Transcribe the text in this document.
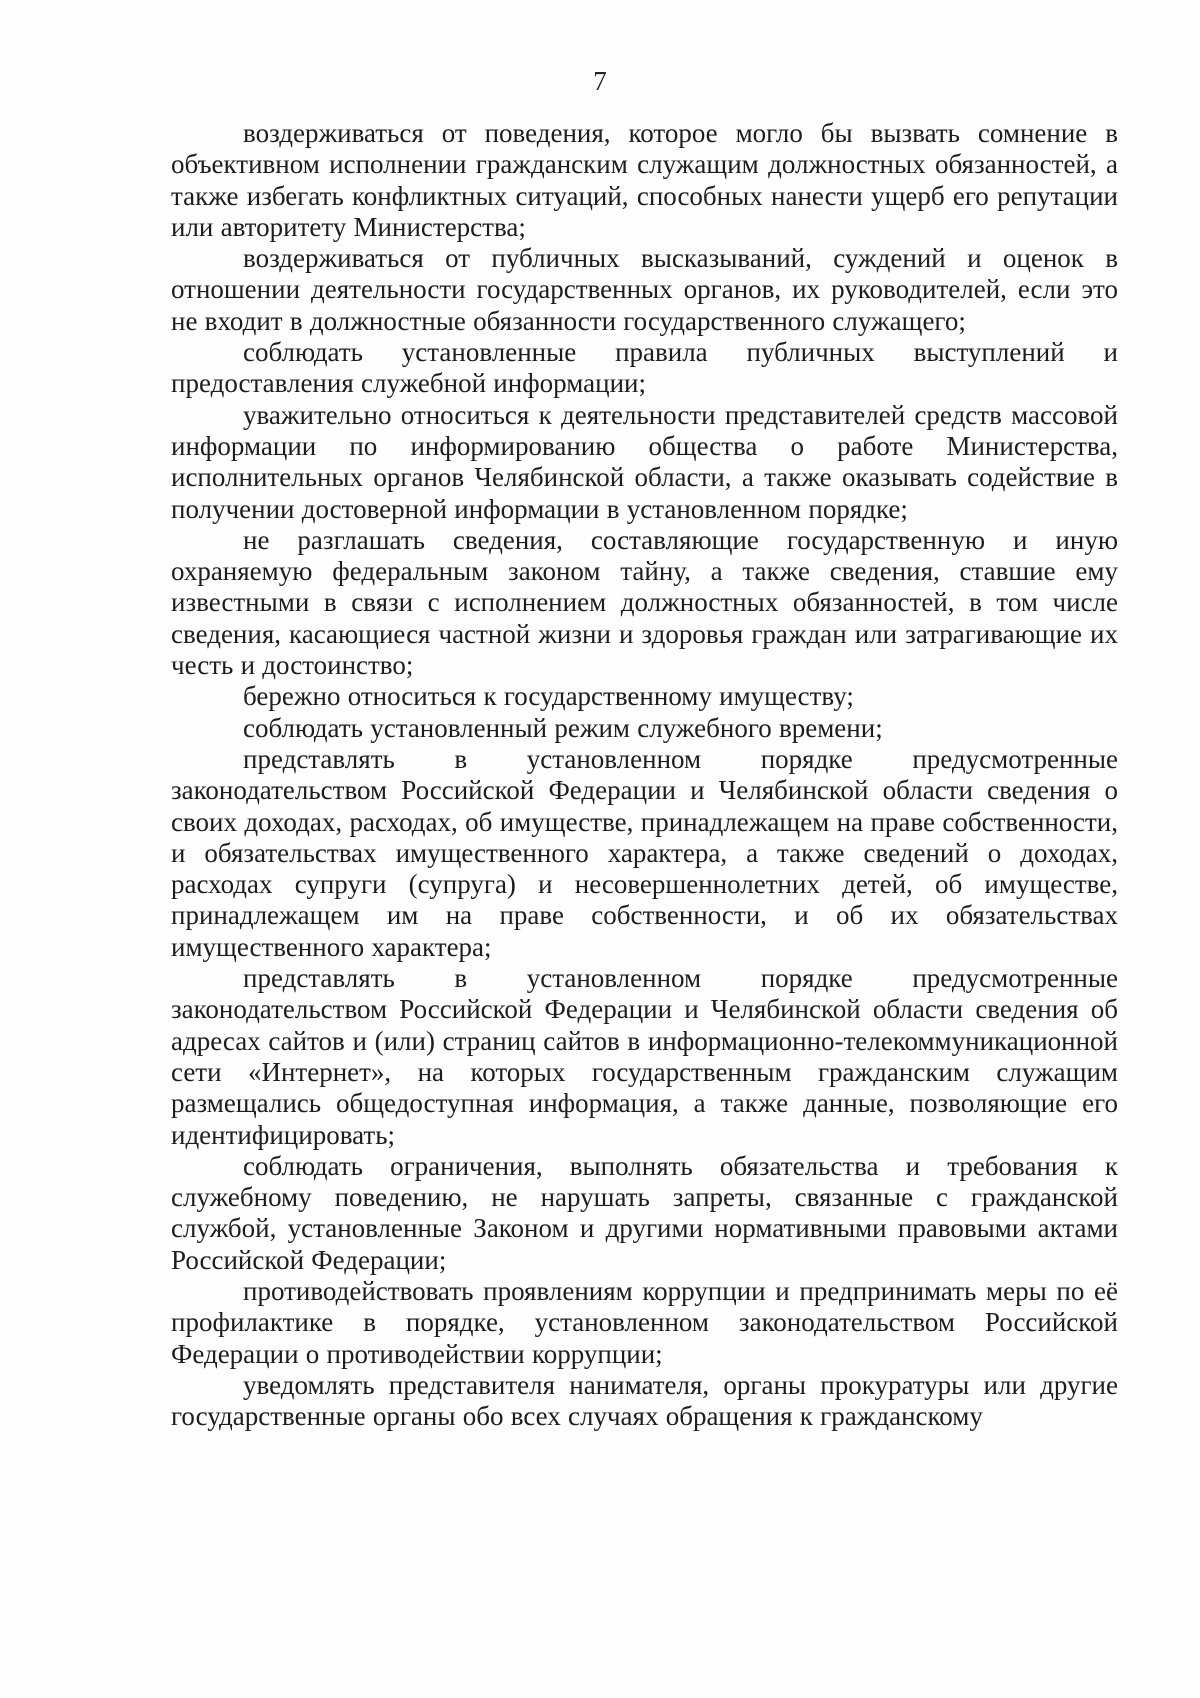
7

воздерживаться от поведения, которое могло бы вызвать сомнение в объективном исполнении гражданским служащим должностных обязанностей, а также избегать конфликтных ситуаций, способных нанести ущерб его репутации или авторитету Министерства;

воздерживаться от публичных высказываний, суждений и оценок в отношении деятельности государственных органов, их руководителей, если это не входит в должностные обязанности государственного служащего;

соблюдать установленные правила публичных выступлений и предоставления служебной информации;

уважительно относиться к деятельности представителей средств массовой информации по информированию общества о работе Министерства, исполнительных органов Челябинской области, а также оказывать содействие в получении достоверной информации в установленном порядке;

не разглашать сведения, составляющие государственную и иную охраняемую федеральным законом тайну, а также сведения, ставшие ему известными в связи с исполнением должностных обязанностей, в том числе сведения, касающиеся частной жизни и здоровья граждан или затрагивающие их честь и достоинство;

бережно относиться к государственному имуществу;

соблюдать установленный режим служебного времени;

представлять в установленном порядке предусмотренные законодательством Российской Федерации и Челябинской области сведения о своих доходах, расходах, об имуществе, принадлежащем на праве собственности, и обязательствах имущественного характера, а также сведений о доходах, расходах супруги (супруга) и несовершеннолетних детей, об имуществе, принадлежащем им на праве собственности, и об их обязательствах имущественного характера;

представлять в установленном порядке предусмотренные законодательством Российской Федерации и Челябинской области сведения об адресах сайтов и (или) страниц сайтов в информационно-телекоммуникационной сети «Интернет», на которых государственным гражданским служащим размещались общедоступная информация, а также данные, позволяющие его идентифицировать;

соблюдать ограничения, выполнять обязательства и требования к служебному поведению, не нарушать запреты, связанные с гражданской службой, установленные Законом и другими нормативными правовыми актами Российской Федерации;

противодействовать проявлениям коррупции и предпринимать меры по её профилактике в порядке, установленном законодательством Российской Федерации о противодействии коррупции;

уведомлять представителя нанимателя, органы прокуратуры или другие государственные органы обо всех случаях обращения к гражданскому
